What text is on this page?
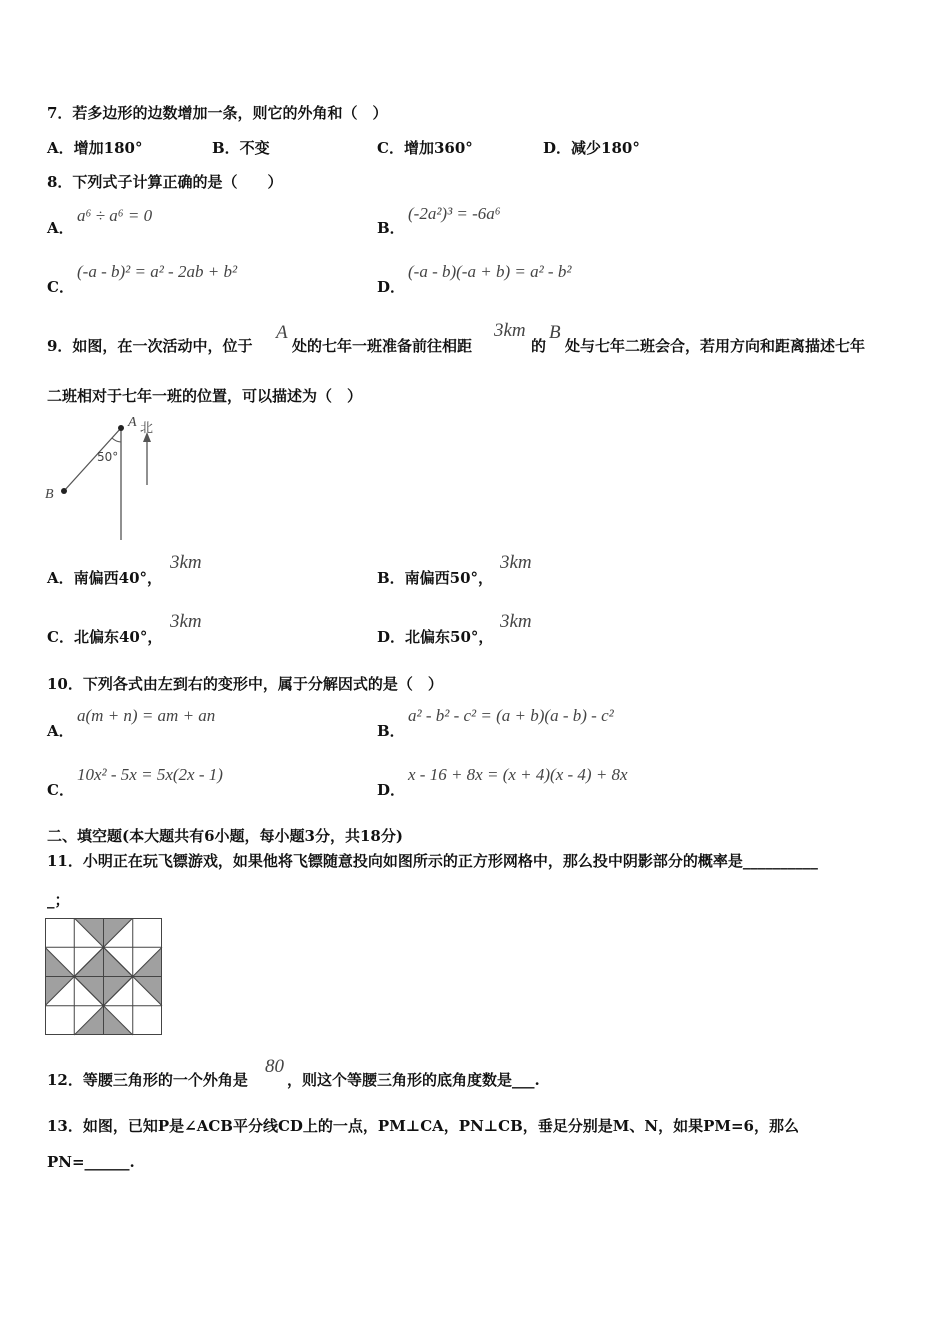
7．若多边形的边数增加一条，则它的外角和（　）
A．增加180°	B．不变	C．增加360°	D．减少180°
8．下列式子计算正确的是（　　）
A．
a⁶ ÷ a⁶ = 0
B．
(-2a²)³ = -6a⁶
C．
(-a - b)² = a² - 2ab + b²
D．
(-a - b)(-a + b) = a² - b²
9．如图，在一次活动中，位于
A
处的七年一班准备前往相距
3km
的
B
处与七年二班会合，若用方向和距离描述七年
二班相对于七年一班的位置，可以描述为（　）
A 北
B
50°
A．南偏西40°，
3km
B．南偏西50°，
3km
C．北偏东40°，
3km
D．北偏东50°，
3km
10．下列各式由左到右的变形中，属于分解因式的是（　）
A．
a(m + n) = am + an
B．
a² - b² - c² = (a + b)(a - b) - c²
C．
10x² - 5x = 5x(2x - 1)
D．
x - 16 + 8x = (x + 4)(x - 4) + 8x
二、填空题(本大题共有6小题，每小题3分，共18分)
11．小明正在玩飞镖游戏，如果他将飞镖随意投向如图所示的正方形网格中，那么投中阴影部分的概率是__________
_；
12．等腰三角形的一个外角是
80
，则这个等腰三角形的底角度数是___.
13．如图，已知P是∠ACB平分线CD上的一点，PM⊥CA，PN⊥CB，垂足分别是M、N，如果PM=6，那么
PN=______.
